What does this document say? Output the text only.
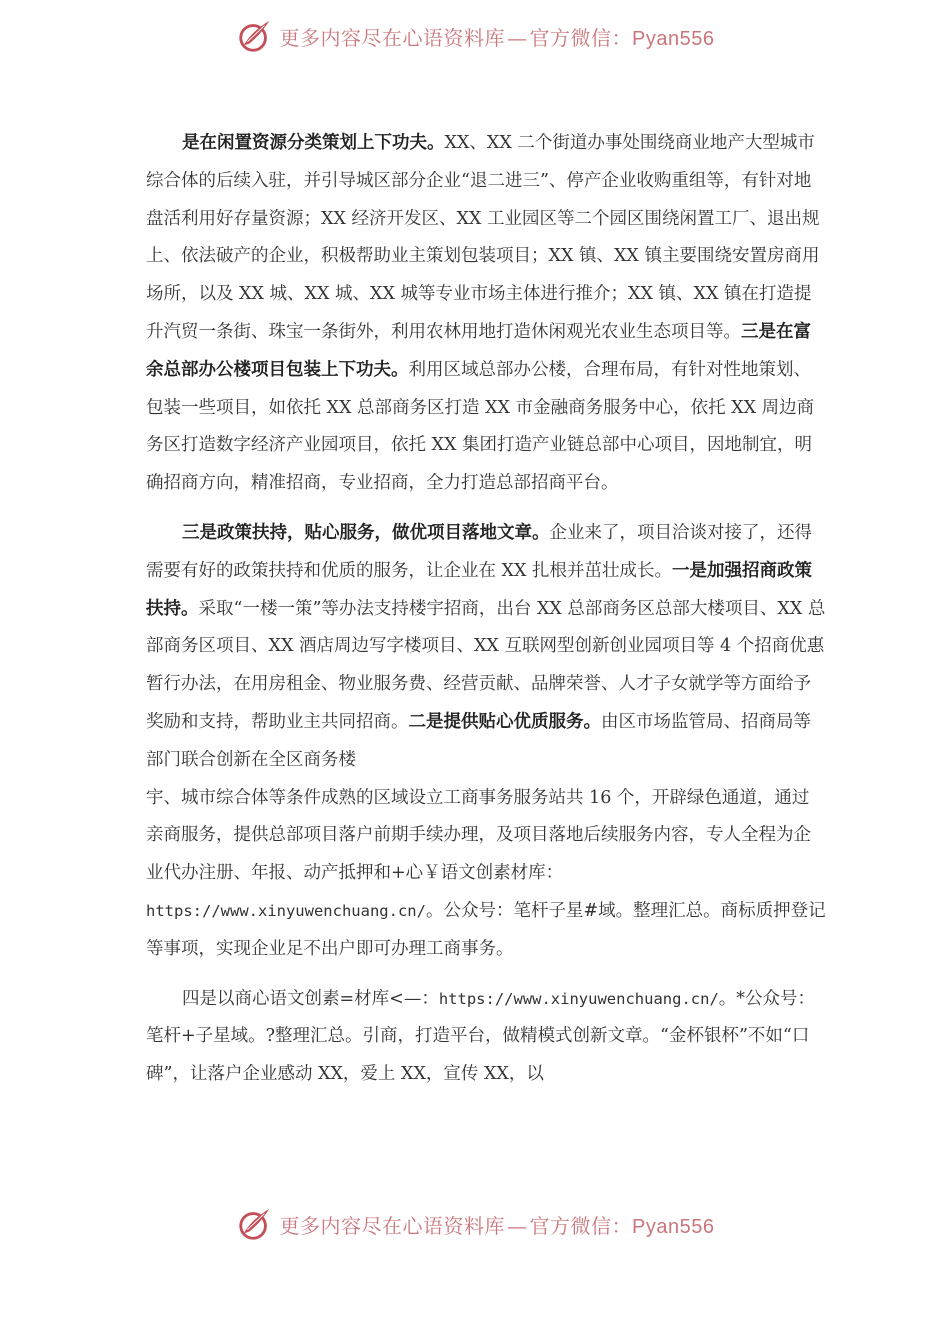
更多内容尽在心语资料库 — 官方微信：Pyan556

是在闲置资源分类策划上下功夫。XX、XX 二个街道办事处围绕商业地产大型城市综合体的后续入驻，并引导城区部分企业“退二进三”、停产企业收购重组等，有针对地盘活利用好存量资源；XX 经济开发区、XX 工业园区等二个园区围绕闲置工厂、退出规上、依法破产的企业，积极帮助业主策划包装项目；XX 镇、XX 镇主要围绕安置房商用场所，以及 XX 城、XX 城、XX 城等专业市场主体进行推介；XX 镇、XX 镇在打造提升汽贸一条街、珠宝一条街外，利用农林用地打造休闲观光农业生态项目等。三是在富余总部办公楼项目包装上下功夫。利用区域总部办公楼，合理布局，有针对性地策划、包装一些项目，如依托 XX 总部商务区打造 XX 市金融商务服务中心，依托 XX 周边商务区打造数字经济产业园项目，依托 XX 集团打造产业链总部中心项目，因地制宜，明确招商方向，精准招商，专业招商，全力打造总部招商平台。

三是政策扶持，贴心服务，做优项目落地文章。企业来了，项目洽谈对接了，还得需要有好的政策扶持和优质的服务，让企业在 XX 扎根并茁壮成长。一是加强招商政策扶持。采取“一楼一策”等办法支持楼宇招商，出台 XX 总部商务区总部大楼项目、XX 总部商务区项目、XX 酒店周边写字楼项目、XX 互联网型创新创业园项目等 4 个招商优惠暂行办法，在用房租金、物业服务费、经营贡献、品牌荣誉、人才子女就学等方面给予奖励和支持，帮助业主共同招商。二是提供贴心优质服务。由区市场监管局、招商局等部门联合创新在全区商务楼

宇、城市综合体等条件成熟的区域设立工商事务服务站共 16 个，开辟绿色通道，通过亲商服务，提供总部项目落户前期手续办理，及项目落地后续服务内容，专人全程为企业代办注册、年报、动产抵押和+心￥语文创素材库：https://www.xinyuwenchuang.cn/。公众号：笔杆子星#域。整理汇总。商标质押登记等事项，实现企业足不出户即可办理工商事务。

四是以商心语文创素=材库<—：https://www.xinyuwenchuang.cn/。*公众号：笔杆+子星域。?整理汇总。引商，打造平台，做精模式创新文章。“金杯银杯”不如“口碑”，让落户企业感动 XX，爱上 XX，宣传 XX，以

更多内容尽在心语资料库 — 官方微信：Pyan556
